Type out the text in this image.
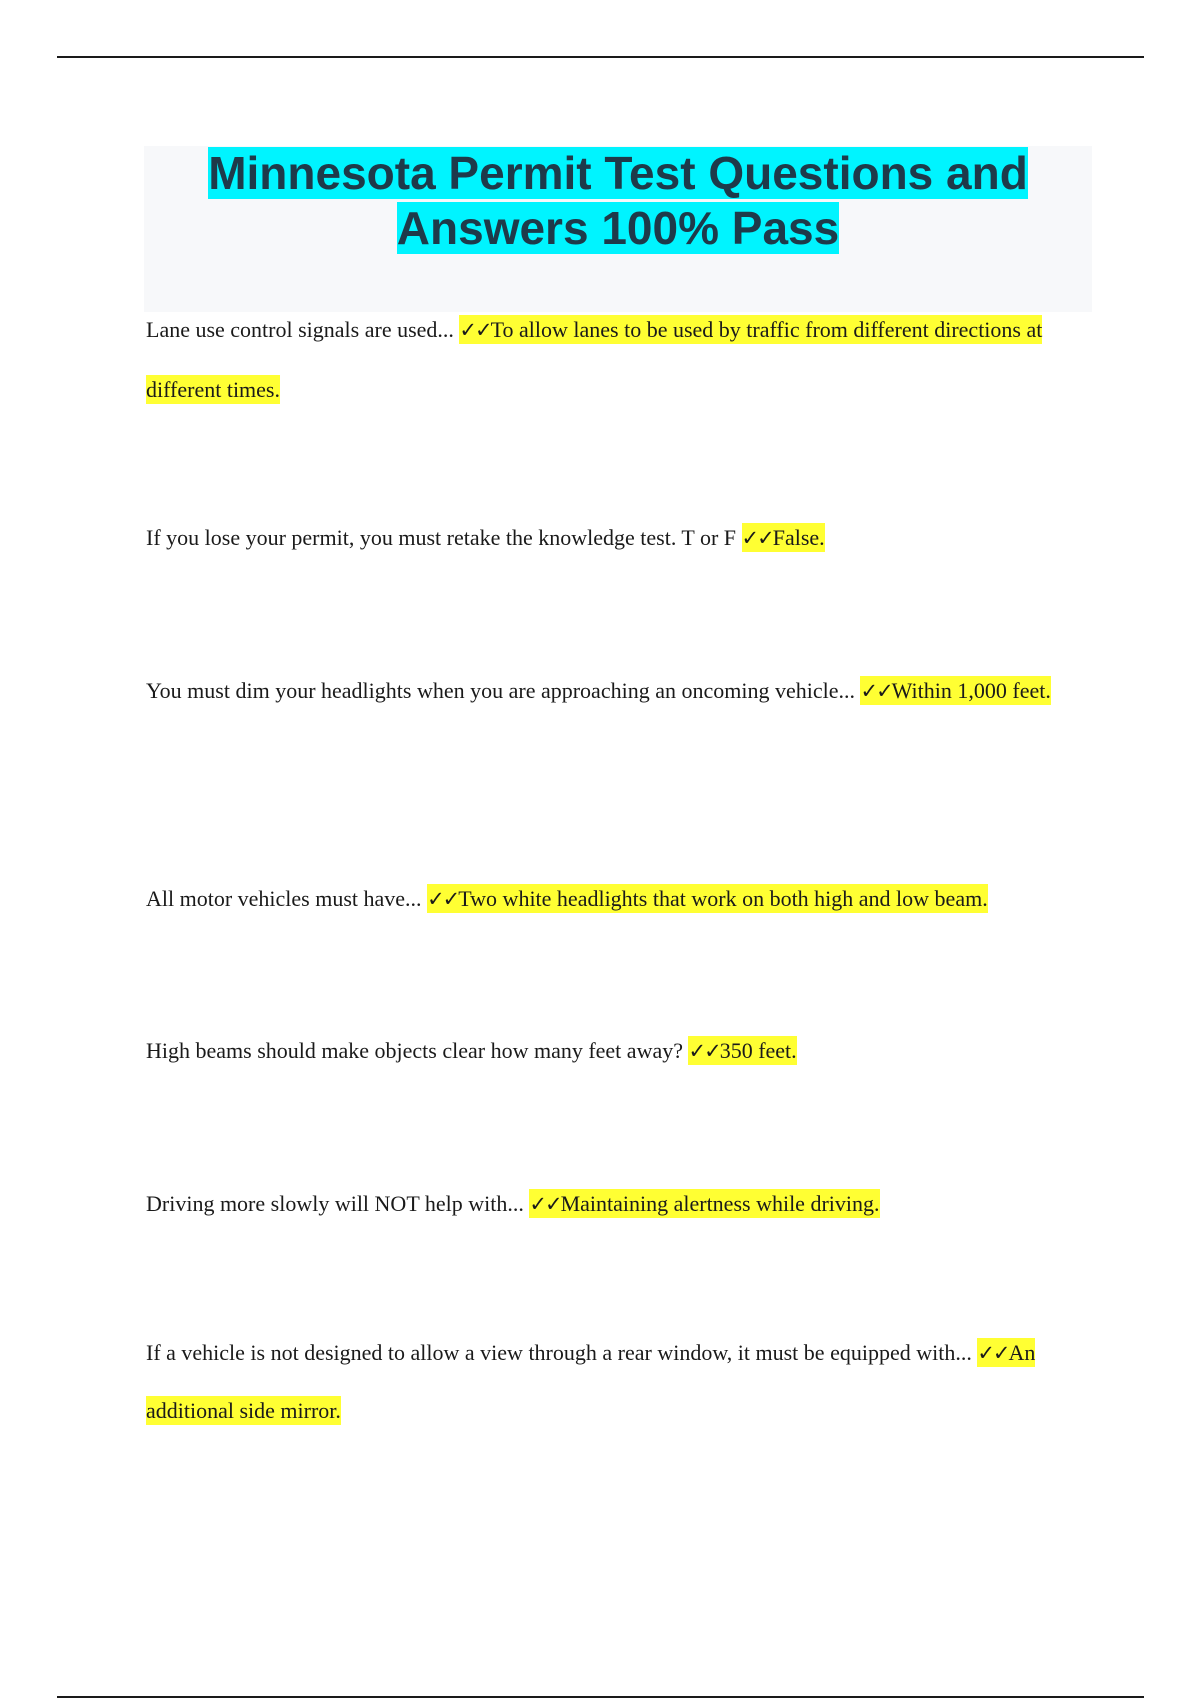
Minnesota Permit Test Questions and Answers 100% Pass
Lane use control signals are used... ✓✓To allow lanes to be used by traffic from different directions at different times.
If you lose your permit, you must retake the knowledge test. T or F ✓✓False.
You must dim your headlights when you are approaching an oncoming vehicle... ✓✓Within 1,000 feet.
All motor vehicles must have... ✓✓Two white headlights that work on both high and low beam.
High beams should make objects clear how many feet away? ✓✓350 feet.
Driving more slowly will NOT help with... ✓✓Maintaining alertness while driving.
If a vehicle is not designed to allow a view through a rear window, it must be equipped with... ✓✓An additional side mirror.
